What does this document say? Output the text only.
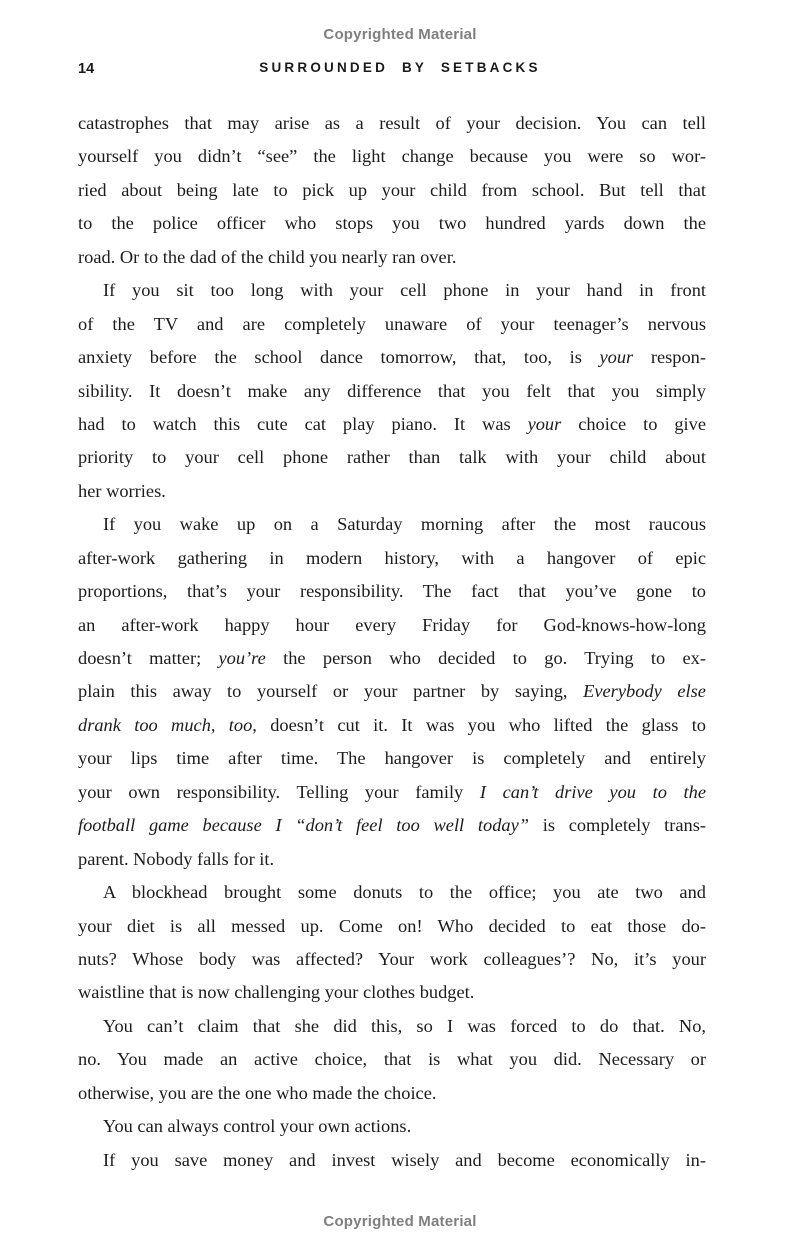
Copyrighted Material
14	SURROUNDED BY SETBACKS
catastrophes that may arise as a result of your decision. You can tell
yourself you didn’t “see” the light change because you were so wor-
ried about being late to pick up your child from school. But tell that
to the police officer who stops you two hundred yards down the
road. Or to the dad of the child you nearly ran over.
If you sit too long with your cell phone in your hand in front
of the TV and are completely unaware of your teenager’s nervous
anxiety before the school dance tomorrow, that, too, is your respon-
sibility. It doesn’t make any difference that you felt that you simply
had to watch this cute cat play piano. It was your choice to give
priority to your cell phone rather than talk with your child about
her worries.
If you wake up on a Saturday morning after the most raucous
after-work gathering in modern history, with a hangover of epic
proportions, that’s your responsibility. The fact that you’ve gone to
an after-work happy hour every Friday for God-knows-how-long
doesn’t matter; you’re the person who decided to go. Trying to ex-
plain this away to yourself or your partner by saying, Everybody else
drank too much, too, doesn’t cut it. It was you who lifted the glass to
your lips time after time. The hangover is completely and entirely
your own responsibility. Telling your family I can’t drive you to the
football game because I “don’t feel too well today” is completely trans-
parent. Nobody falls for it.
A blockhead brought some donuts to the office; you ate two and
your diet is all messed up. Come on! Who decided to eat those do-
nuts? Whose body was affected? Your work colleagues’? No, it’s your
waistline that is now challenging your clothes budget.
You can’t claim that she did this, so I was forced to do that. No,
no. You made an active choice, that is what you did. Necessary or
otherwise, you are the one who made the choice.
You can always control your own actions.
If you save money and invest wisely and become economically in-
Copyrighted Material
